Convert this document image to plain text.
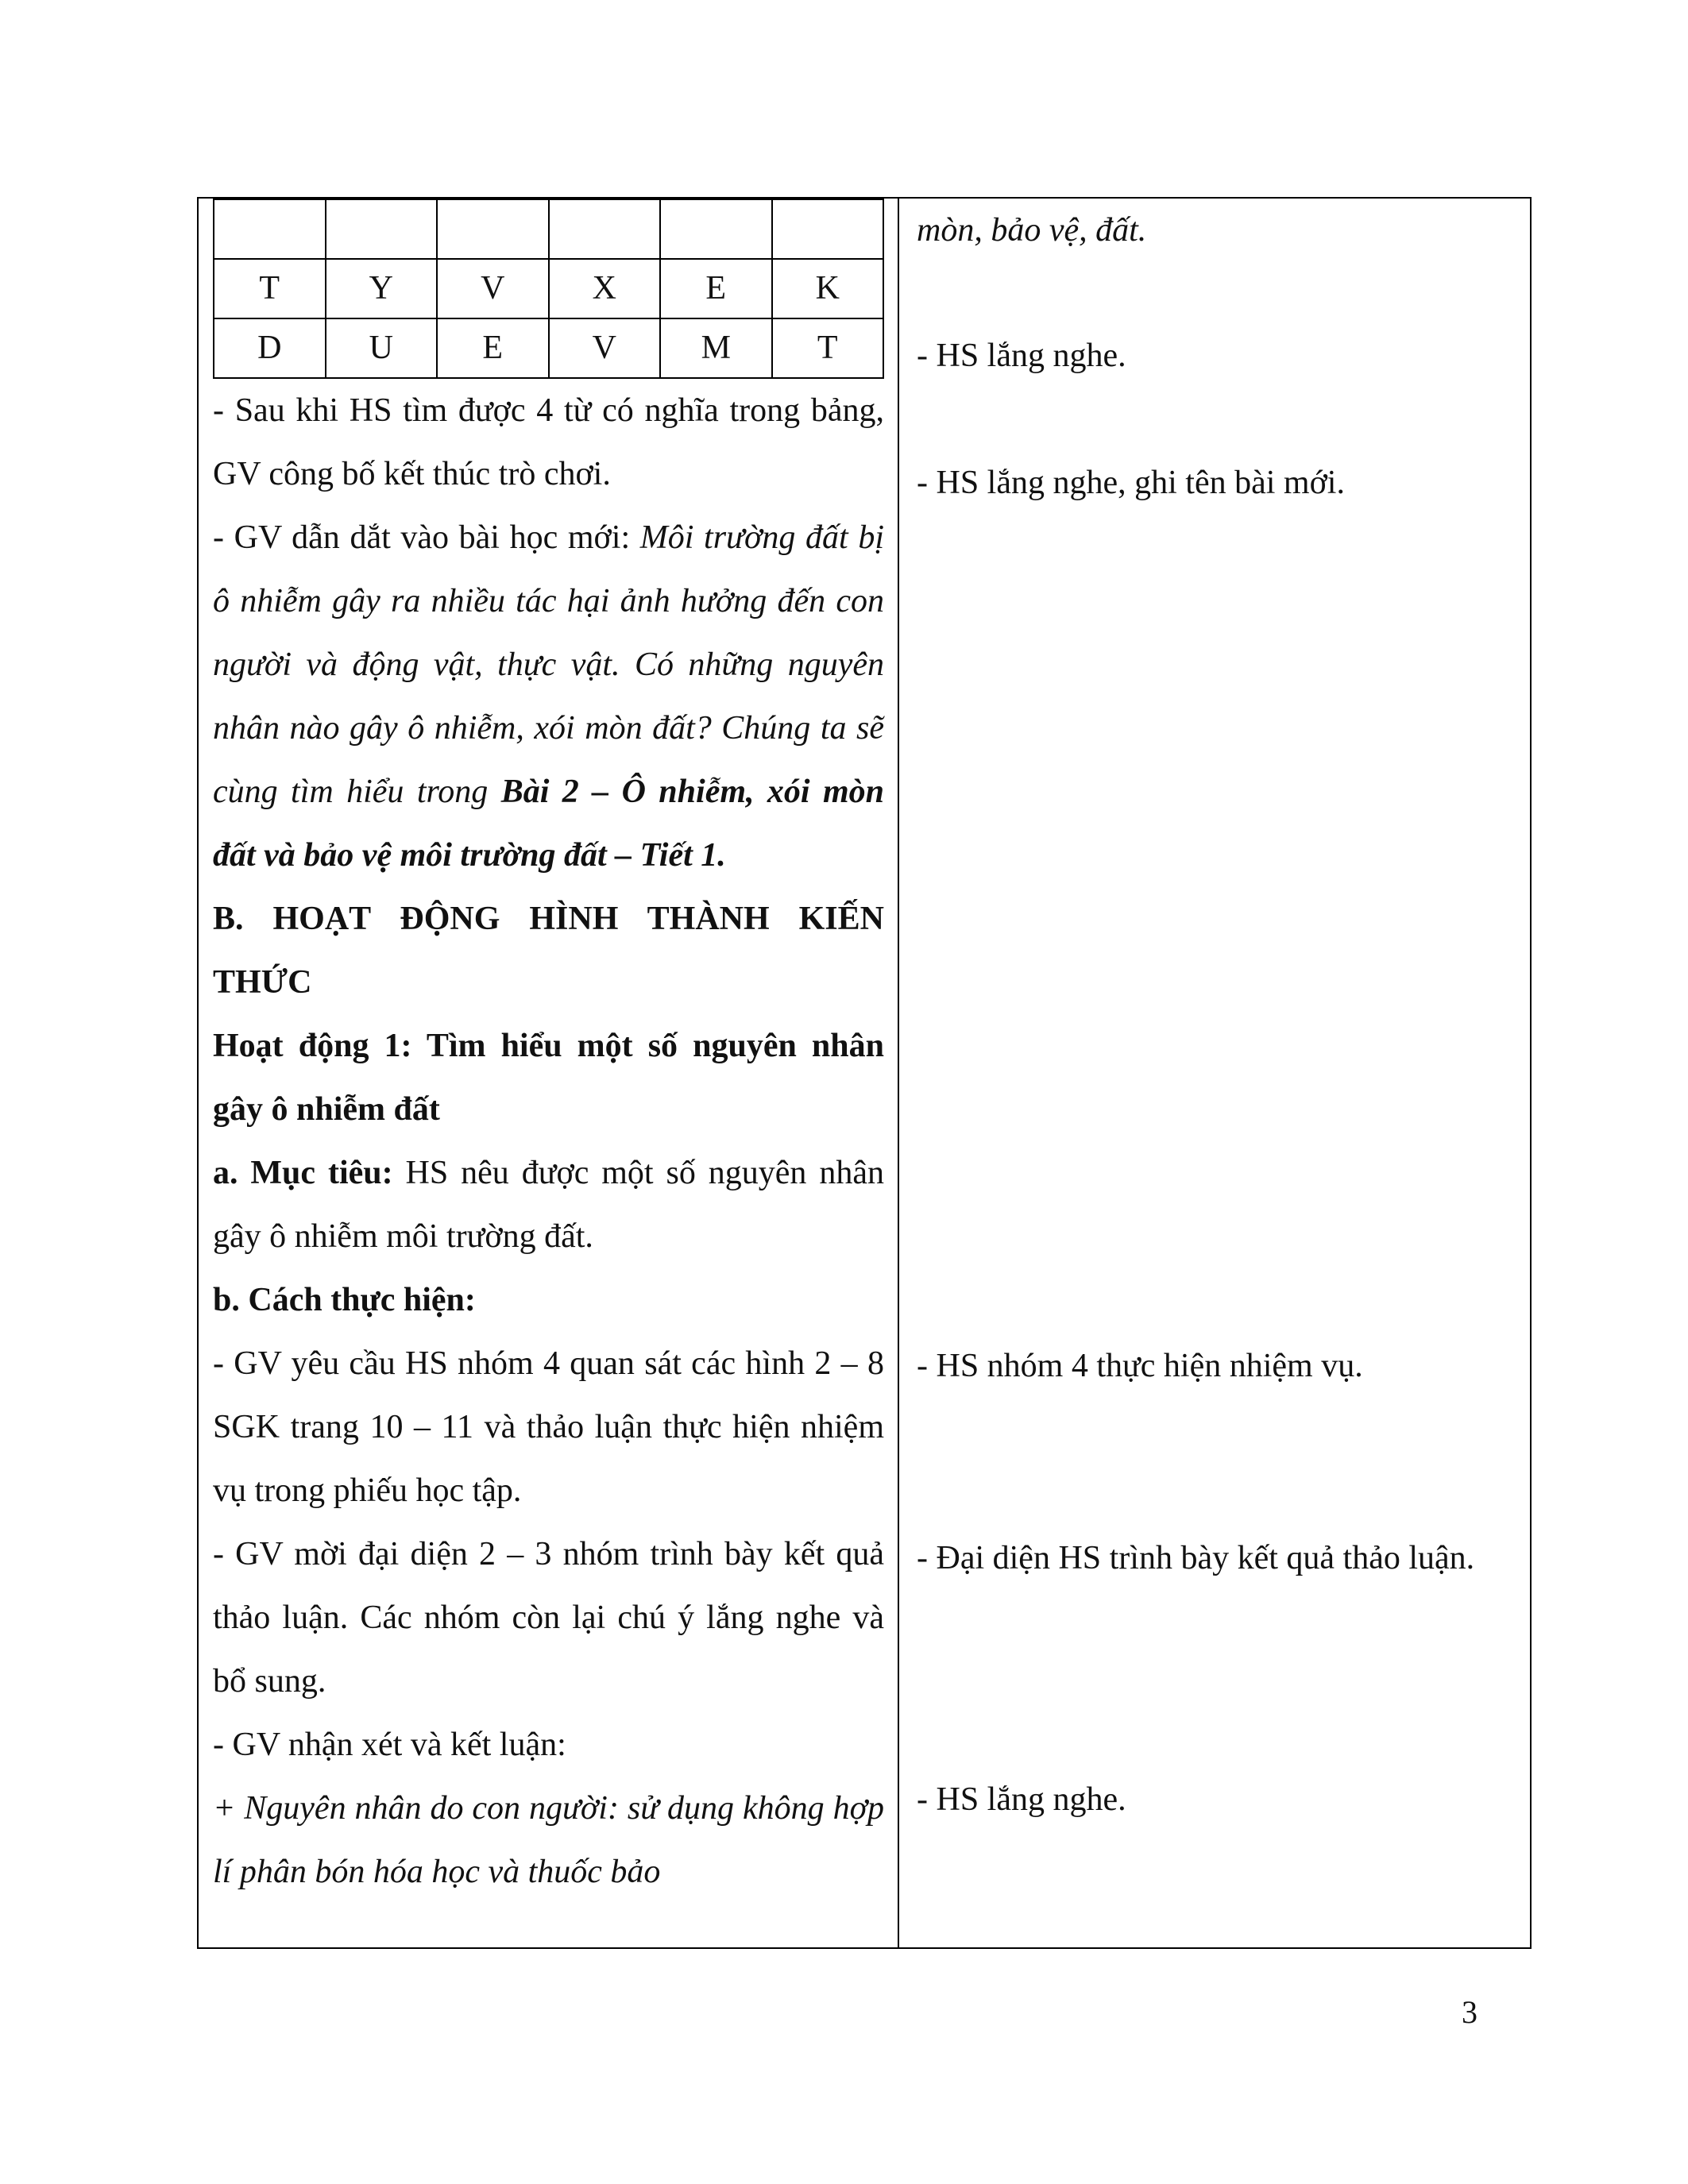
T	Y	V	X	E	K
D	U	E	V	M	T

- Sau khi HS tìm được 4 từ có nghĩa trong bảng, GV công bố kết thúc trò chơi.

- GV dẫn dắt vào bài học mới: Môi trường đất bị ô nhiễm gây ra nhiều tác hại ảnh hưởng đến con người và động vật, thực vật. Có những nguyên nhân nào gây ô nhiễm, xói mòn đất? Chúng ta sẽ cùng tìm hiểu trong Bài 2 – Ô nhiễm, xói mòn đất và bảo vệ môi trường đất – Tiết 1.

B. HOẠT ĐỘNG HÌNH THÀNH KIẾN THỨC

Hoạt động 1: Tìm hiểu một số nguyên nhân gây ô nhiễm đất

a. Mục tiêu: HS nêu được một số nguyên nhân gây ô nhiễm môi trường đất.

b. Cách thực hiện:

- GV yêu cầu HS nhóm 4 quan sát các hình 2 – 8 SGK trang 10 – 11 và thảo luận thực hiện nhiệm vụ trong phiếu học tập.

- GV mời đại diện 2 – 3 nhóm trình bày kết quả thảo luận. Các nhóm còn lại chú ý lắng nghe và bổ sung.

- GV nhận xét và kết luận:

+ Nguyên nhân do con người: sử dụng không hợp lí phân bón hóa học và thuốc bảo

mòn, bảo vệ, đất.

- HS lắng nghe.

- HS lắng nghe, ghi tên bài mới.

- HS nhóm 4 thực hiện nhiệm vụ.

- Đại diện HS trình bày kết quả thảo luận.

- HS lắng nghe.

3
